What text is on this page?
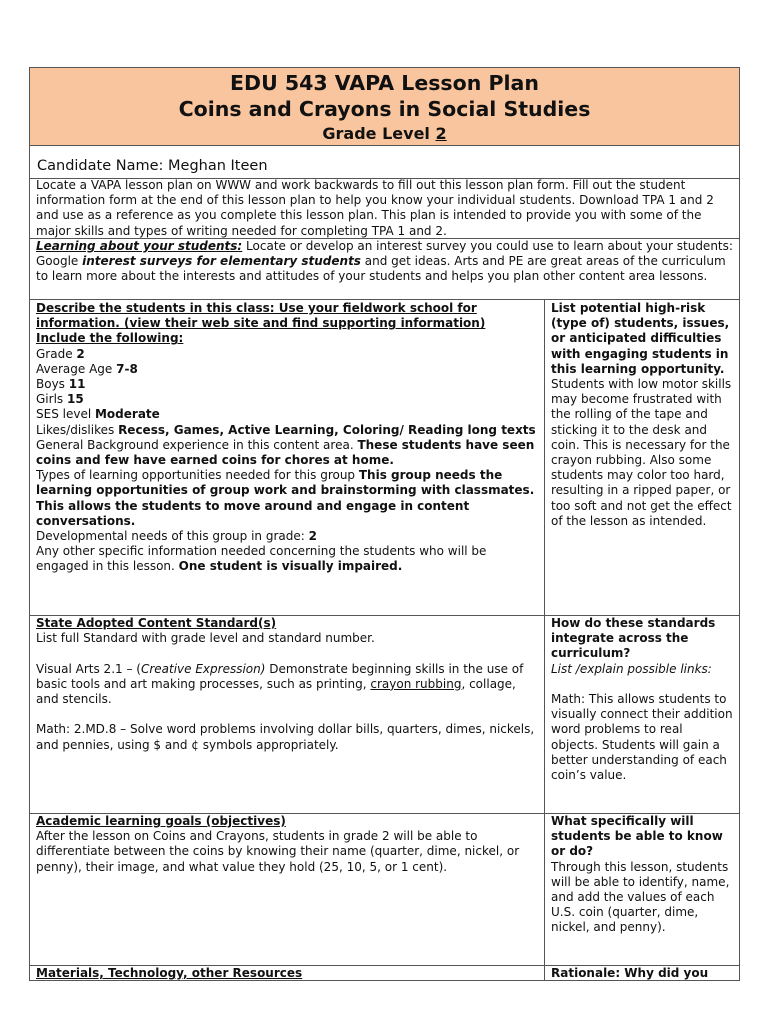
EDU 543 VAPA Lesson Plan
Coins and Crayons in Social Studies
Grade Level 2
Candidate Name: Meghan Iteen
Locate a VAPA lesson plan on WWW and work backwards to fill out this lesson plan form. Fill out the student information form at the end of this lesson plan to help you know your individual students. Download TPA 1 and 2 and use as a reference as you complete this lesson plan. This plan is intended to provide you with some of the major skills and types of writing needed for completing TPA 1 and 2.
Learning about your students: Locate or develop an interest survey you could use to learn about your students: Google interest surveys for elementary students and get ideas. Arts and PE are great areas of the curriculum to learn more about the interests and attitudes of your students and helps you plan other content area lessons.
Describe the students in this class: Use your fieldwork school for information. (view their web site and find supporting information) Include the following:
Grade 2
Average Age 7-8
Boys 11
Girls 15
SES level Moderate
Likes/dislikes Recess, Games, Active Learning, Coloring/ Reading long texts
General Background experience in this content area. These students have seen coins and few have earned coins for chores at home.
Types of learning opportunities needed for this group This group needs the learning opportunities of group work and brainstorming with classmates. This allows the students to move around and engage in content conversations.
Developmental needs of this group in grade: 2
Any other specific information needed concerning the students who will be engaged in this lesson. One student is visually impaired.
List potential high-risk (type of) students, issues, or anticipated difficulties with engaging students in this learning opportunity.
Students with low motor skills may become frustrated with the rolling of the tape and sticking it to the desk and coin. This is necessary for the crayon rubbing. Also some students may color too hard, resulting in a ripped paper, or too soft and not get the effect of the lesson as intended.
State Adopted Content Standard(s)
List full Standard with grade level and standard number.
Visual Arts 2.1 – (Creative Expression) Demonstrate beginning skills in the use of basic tools and art making processes, such as printing, crayon rubbing, collage, and stencils.
Math: 2.MD.8 – Solve word problems involving dollar bills, quarters, dimes, nickels, and pennies, using $ and ¢ symbols appropriately.
How do these standards integrate across the curriculum?
List /explain possible links:
Math: This allows students to visually connect their addition word problems to real objects. Students will gain a better understanding of each coin’s value.
Academic learning goals (objectives)
After the lesson on Coins and Crayons, students in grade 2 will be able to differentiate between the coins by knowing their name (quarter, dime, nickel, or penny), their image, and what value they hold (25, 10, 5, or 1 cent).
What specifically will students be able to know or do?
Through this lesson, students will be able to identify, name, and add the values of each U.S. coin (quarter, dime, nickel, and penny).
Materials, Technology, other Resources	Rationale: Why did you
